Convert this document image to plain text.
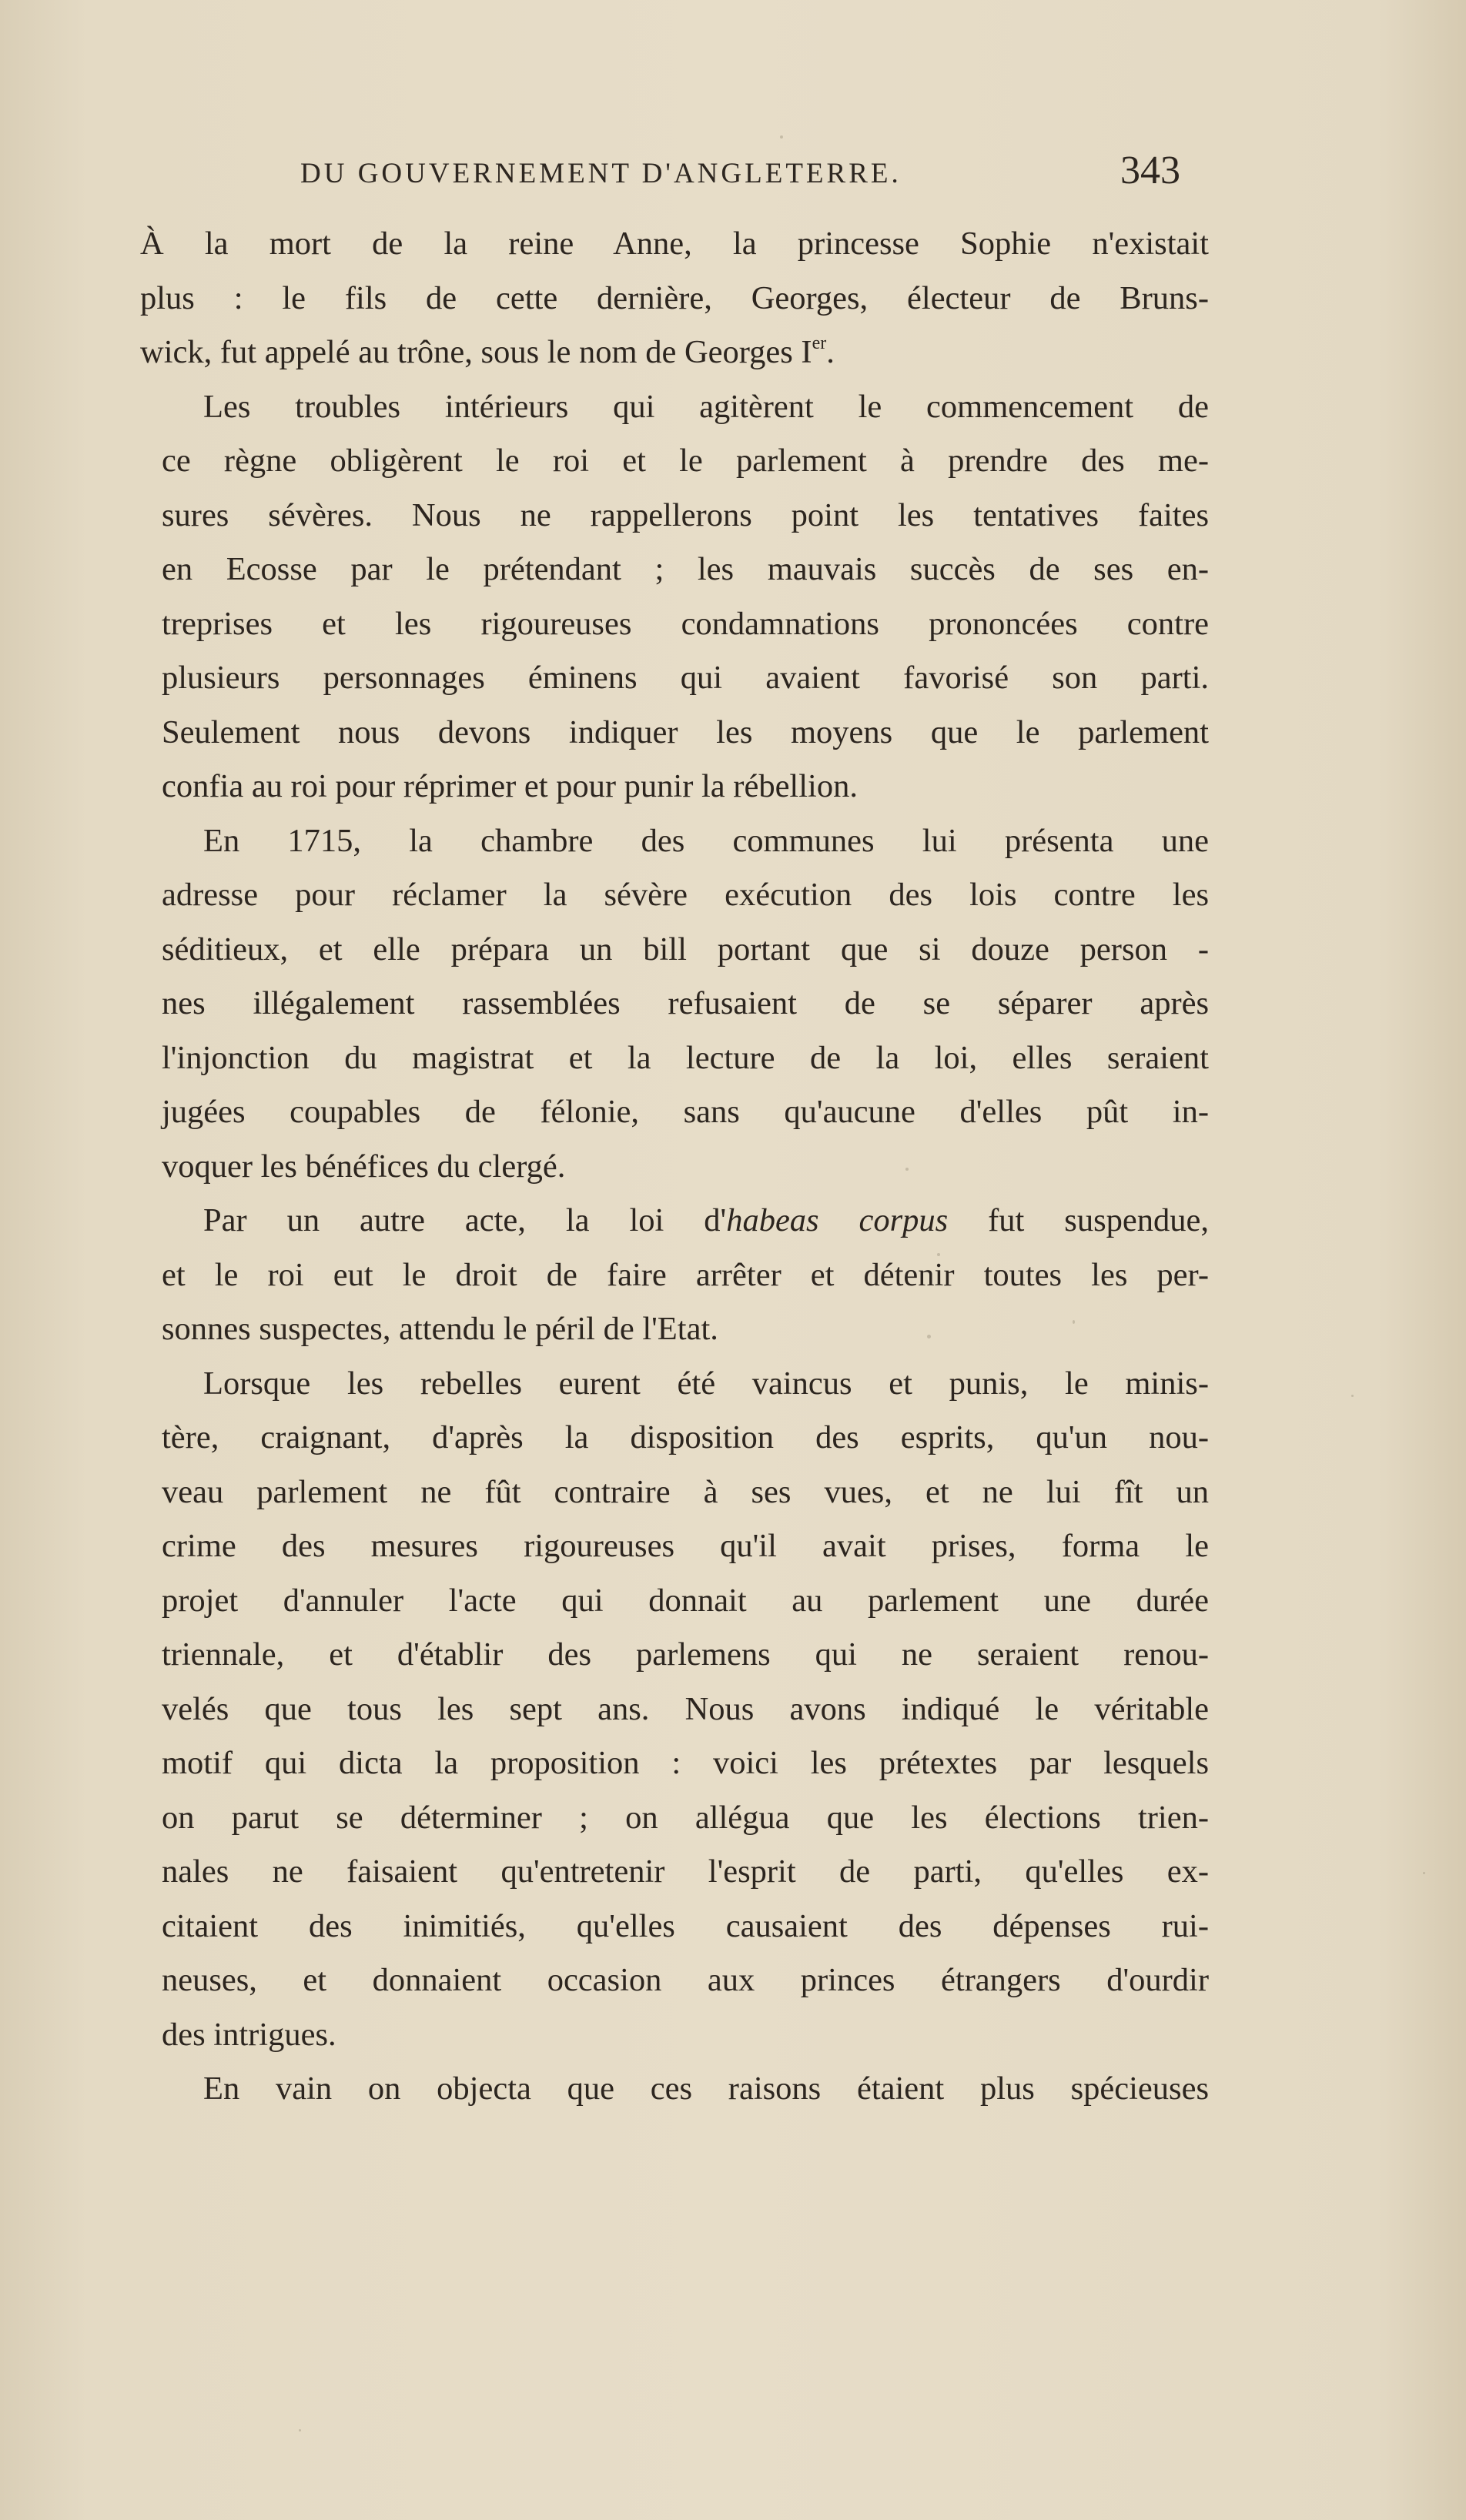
DU GOUVERNEMENT D'ANGLETERRE.	343

À la mort de la reine Anne, la princesse Sophie n'existait
plus : le fils de cette dernière, Georges, électeur de Bruns-
wick, fut appelé au trône, sous le nom de Georges Ier.

Les troubles intérieurs qui agitèrent le commencement de
ce règne obligèrent le roi et le parlement à prendre des me-
sures sévères. Nous ne rappellerons point les tentatives faites
en Ecosse par le prétendant ; les mauvais succès de ses en-
treprises et les rigoureuses condamnations prononcées contre
plusieurs personnages éminens qui avaient favorisé son parti.
Seulement nous devons indiquer les moyens que le parlement
confia au roi pour réprimer et pour punir la rébellion.

En 1715, la chambre des communes lui présenta une
adresse pour réclamer la sévère exécution des lois contre les
séditieux, et elle prépara un bill portant que si douze person -
nes illégalement rassemblées refusaient de se séparer après
l'injonction du magistrat et la lecture de la loi, elles seraient
jugées coupables de félonie, sans qu'aucune d'elles pût in-
voquer les bénéfices du clergé.

Par un autre acte, la loi d'habeas corpus fut suspendue,
et le roi eut le droit de faire arrêter et détenir toutes les per-
sonnes suspectes, attendu le péril de l'Etat.

Lorsque les rebelles eurent été vaincus et punis, le minis-
tère, craignant, d'après la disposition des esprits, qu'un nou-
veau parlement ne fût contraire à ses vues, et ne lui fît un
crime des mesures rigoureuses qu'il avait prises, forma le
projet d'annuler l'acte qui donnait au parlement une durée
triennale, et d'établir des parlemens qui ne seraient renou-
velés que tous les sept ans. Nous avons indiqué le véritable
motif qui dicta la proposition : voici les prétextes par lesquels
on parut se déterminer ; on allégua que les élections trien-
nales ne faisaient qu'entretenir l'esprit de parti, qu'elles ex-
citaient des inimitiés, qu'elles causaient des dépenses rui-
neuses, et donnaient occasion aux princes étrangers d'ourdir
des intrigues.

En vain on objecta que ces raisons étaient plus spécieuses
